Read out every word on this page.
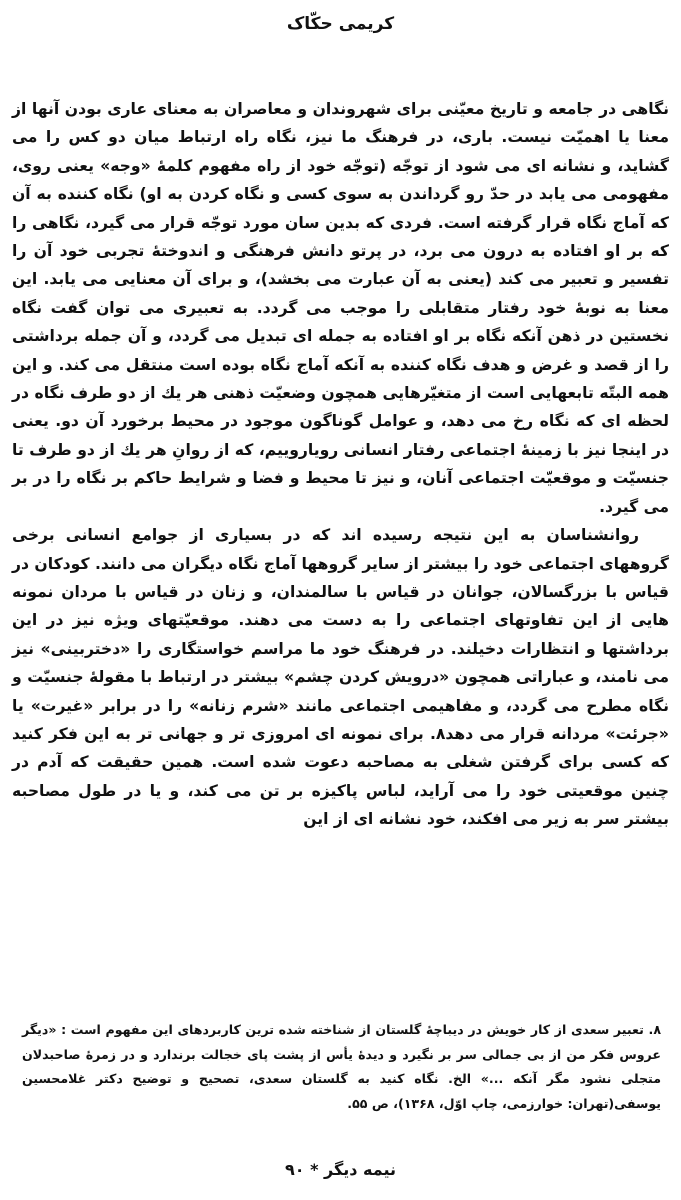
کریمی حکّاک

نگاهی در جامعه و تاریخ معیّنی برای شهروندان و معاصران به معنای عاری بودن آنها از معنا یا اهمیّت نیست. باری، در فرهنگ ما نیز، نگاه راه ارتباط میان دو کس را می گشاید، و نشانه ای می شود از توجّه (توجّه خود از راه مفهوم کلمهٔ «وجه» یعنی روی، مفهومی می یابد در حدّ رو گرداندن به سوی کسی و نگاه کردن به او) نگاه کننده به آن که آماج نگاه قرار گرفته است. فردی که بدین سان مورد توجّه قرار می گیرد، نگاهی را که بر او افتاده به درون می برد، در پرتو دانش فرهنگی و اندوختهٔ تجربی خود آن را تفسیر و تعبیر می کند (یعنی به آن عبارت می بخشد)، و برای آن معنایی می یابد. این معنا به نوبهٔ خود رفتار متقابلی را موجب می گردد. به تعبیری می توان گفت نگاه نخستین در ذهن آنکه نگاه بر او افتاده به جمله ای تبدیل می گردد، و آن جمله برداشتی را از قصد و غرض و هدف نگاه کننده به آنکه آماج نگاه بوده است منتقل می کند. و این همه البتّه تابعهایی است از متغیّرهایی همچون وضعیّت ذهنی هر یك از دو طرف نگاه در لحظه ای که نگاه رخ می دهد، و عوامل گوناگون موجود در محیط برخورد آن دو. یعنی در اینجا نیز با زمینهٔ اجتماعی رفتار انسانی رویاروییم، که از روانِ هر یك از دو طرف تا جنسیّت و موقعیّت اجتماعی آنان، و نیز تا محیط و فضا و شرایط حاکم بر نگاه را در بر می گیرد.

روانشناسان به این نتیجه رسیده اند که در بسیاری از جوامع انسانی برخی گروههای اجتماعی خود را بیشتر از سایر گروهها آماج نگاه دیگران می دانند. کودکان در قیاس با بزرگسالان، جوانان در قیاس با سالمندان، و زنان در قیاس با مردان نمونه هایی از این تفاوتهای اجتماعی را به دست می دهند. موقعیّتهای ویژه نیز در این برداشتها و انتظارات دخیلند. در فرهنگ خود ما مراسم خواستگاری را «دختربینی» نیز می نامند، و عباراتی همچون «درویش کردن چشم» بیشتر در ارتباط با مقولهٔ جنسیّت و نگاه مطرح می گردد، و مفاهیمی اجتماعی مانند «شرم زنانه» را در برابر «غیرت» یا «جرئت» مردانه قرار می دهد۸. برای نمونه ای امروزی تر و جهانی تر به این فکر کنید که کسی برای گرفتن شغلی به مصاحبه دعوت شده است. همین حقیقت که آدم در چنین موقعیتی خود را می آراید، لباس پاکیزه بر تن می کند، و یا در طول مصاحبه بیشتر سر به زیر می افکند، خود نشانه ای از این

۸. تعبیر سعدی از کار خویش در دیباچهٔ گلستان از شناخته شده ترین کاربردهای این مفهوم است : «دیگر عروس فکر من از بی جمالی سر بر نگیرد و دیدهٔ یأس از پشت پای خجالت برندارد و در زمرهٔ صاحبدلان متجلی نشود مگر آنکه ...» الخ. نگاه کنید به گلستان سعدی، تصحیح و توضیح دکتر غلامحسین یوسفی(تهران: خوارزمی، چاپ اوّل، ۱۳۶۸)، ص ۵۵.

نیمه دیگر * ۹۰
